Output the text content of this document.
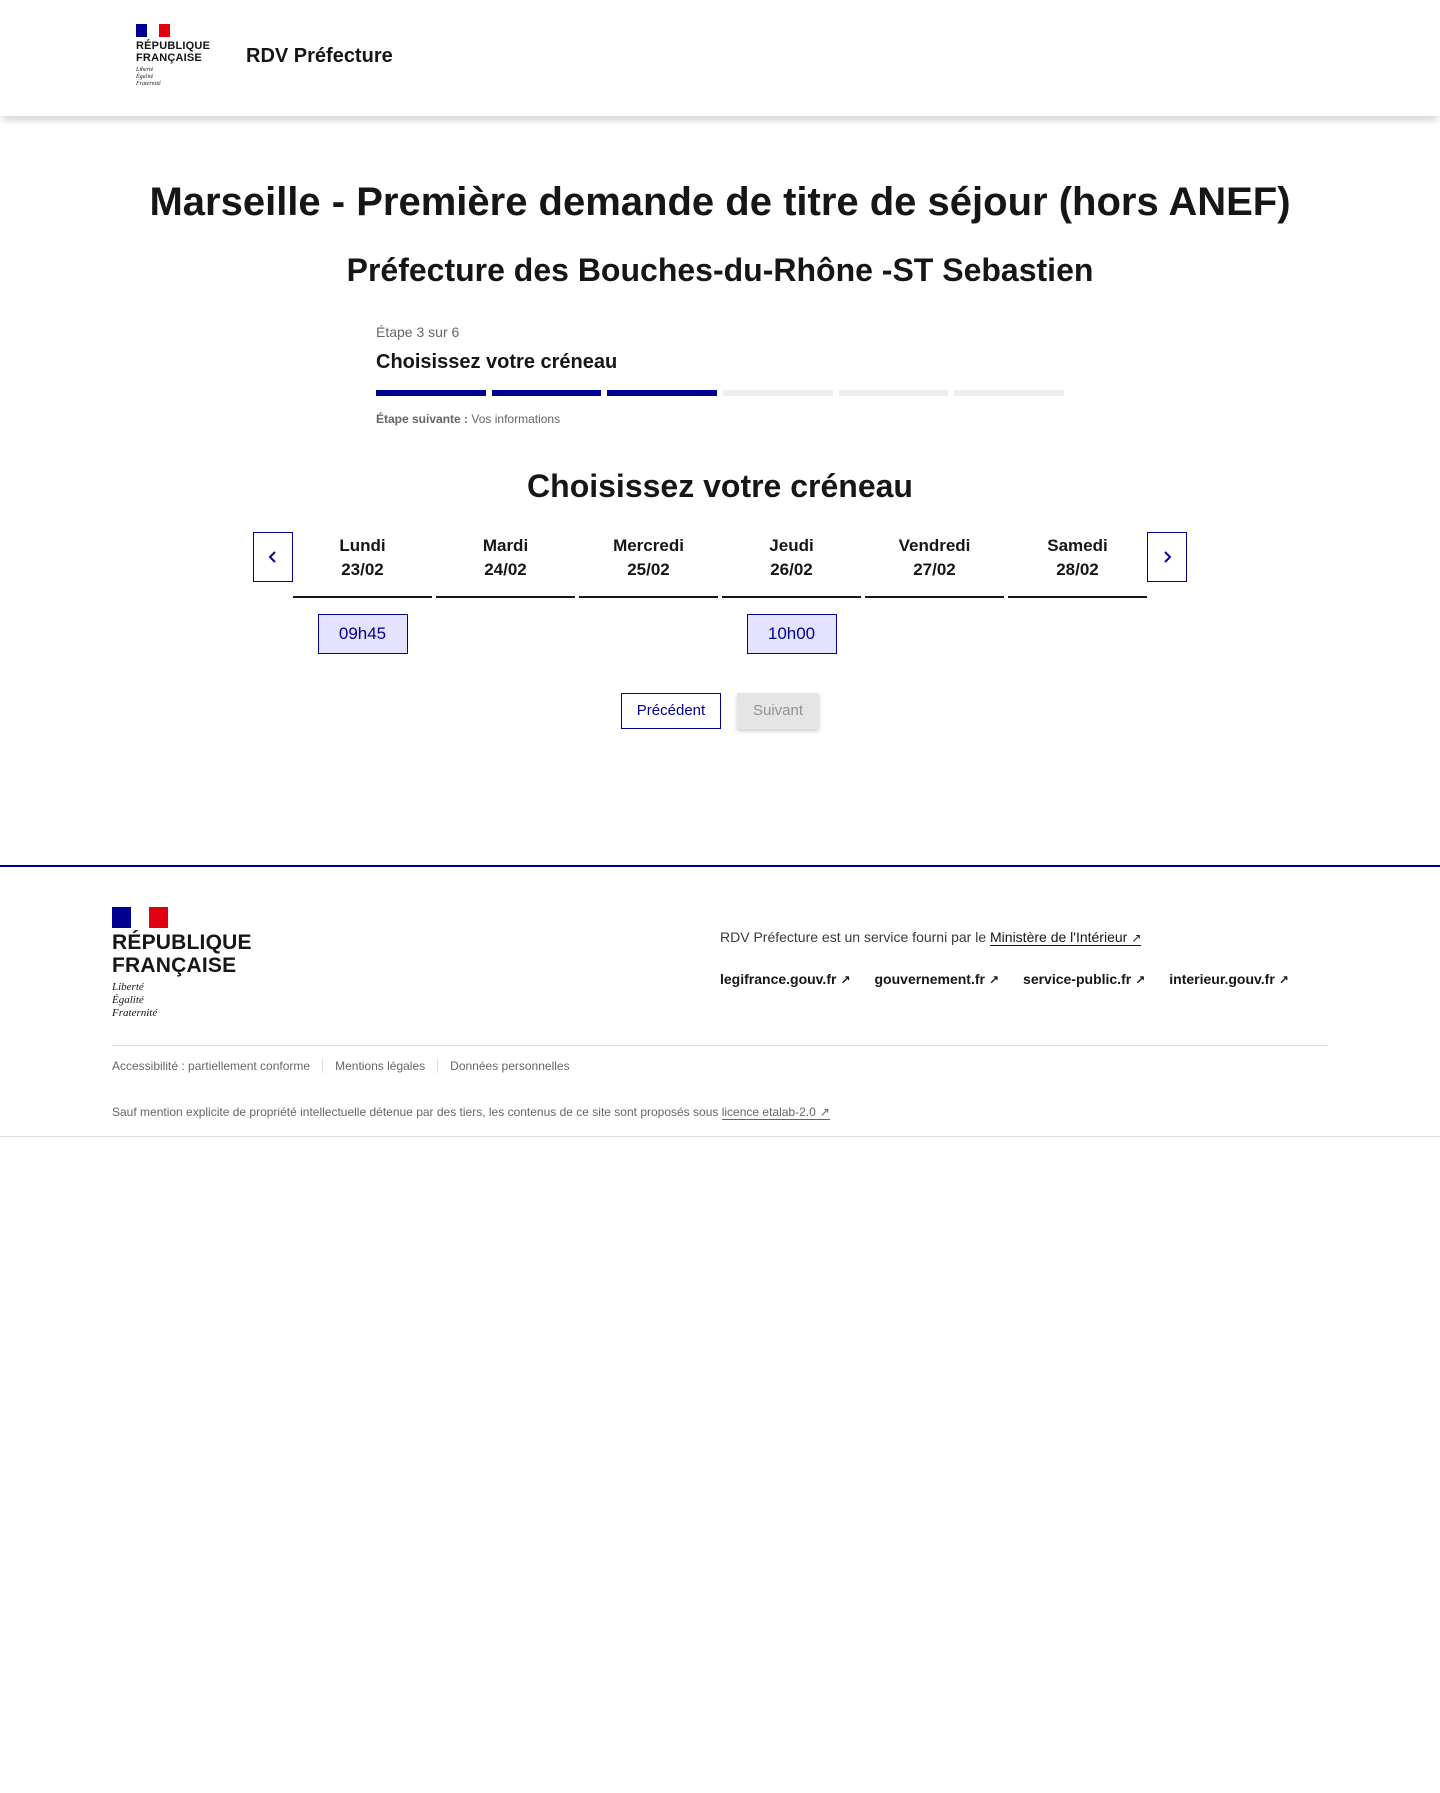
RÉPUBLIQUE
FRANÇAISE
Liberté
Égalité
Fraternité
RDV Préfecture
Marseille - Première demande de titre de séjour (hors ANEF)
Préfecture des Bouches-du-Rhône -ST Sebastien
Étape 3 sur 6
Choisissez votre créneau
Étape suivante : Vos informations
Choisissez votre créneau
Lundi
23/02
09h45
Mardi
24/02
Mercredi
25/02
Jeudi
26/02
10h00
Vendredi
27/02
Samedi
28/02
Précédent	Suivant
RÉPUBLIQUE
FRANÇAISE
Liberté
Égalité
Fraternité
RDV Préfecture est un service fourni par le Ministère de l'Intérieur ↗
legifrance.gouv.fr ↗ gouvernement.fr ↗ service-public.fr ↗ interieur.gouv.fr ↗
Accessibilité : partiellement conforme	Mentions légales	Données personnelles
Sauf mention explicite de propriété intellectuelle détenue par des tiers, les contenus de ce site sont proposés sous licence etalab-2.0 ↗
